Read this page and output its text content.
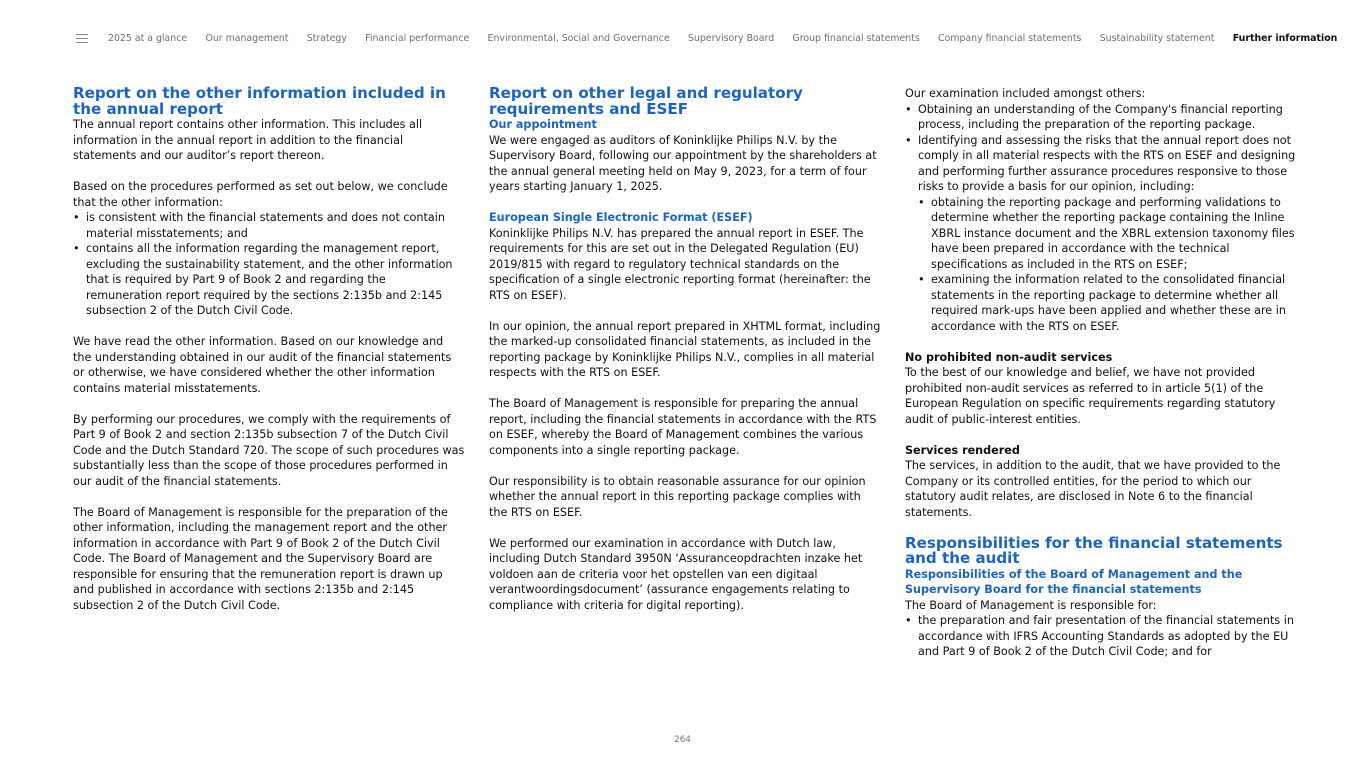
2025 at a glance Our management Strategy Financial performance Environmental, Social and Governance Supervisory Board Group financial statements Company financial statements Sustainability statement Further information
Report on the other information included in the annual report

The annual report contains other information. This includes all information in the annual report in addition to the financial statements and our auditor’s report thereon.

Based on the procedures performed as set out below, we conclude that the other information:

• is consistent with the financial statements and does not contain material misstatements; and
• contains all the information regarding the management report, excluding the sustainability statement, and the other information that is required by Part 9 of Book 2 and regarding the remuneration report required by the sections 2:135b and 2:145 subsection 2 of the Dutch Civil Code.

We have read the other information. Based on our knowledge and the understanding obtained in our audit of the financial statements or otherwise, we have considered whether the other information contains material misstatements.

By performing our procedures, we comply with the requirements of Part 9 of Book 2 and section 2:135b subsection 7 of the Dutch Civil Code and the Dutch Standard 720. The scope of such procedures was substantially less than the scope of those procedures performed in our audit of the financial statements.

The Board of Management is responsible for the preparation of the other information, including the management report and the other information in accordance with Part 9 of Book 2 of the Dutch Civil Code. The Board of Management and the Supervisory Board are responsible for ensuring that the remuneration report is drawn up and published in accordance with sections 2:135b and 2:145 subsection 2 of the Dutch Civil Code.

Report on other legal and regulatory requirements and ESEF
Our appointment

We were engaged as auditors of Koninklijke Philips N.V. by the Supervisory Board, following our appointment by the shareholders at the annual general meeting held on May 9, 2023, for a term of four years starting January 1, 2025.

European Single Electronic Format (ESEF)

Koninklijke Philips N.V. has prepared the annual report in ESEF. The requirements for this are set out in the Delegated Regulation (EU) 2019/815 with regard to regulatory technical standards on the specification of a single electronic reporting format (hereinafter: the RTS on ESEF).

In our opinion, the annual report prepared in XHTML format, including the marked-up consolidated financial statements, as included in the reporting package by Koninklijke Philips N.V., complies in all material respects with the RTS on ESEF.

The Board of Management is responsible for preparing the annual report, including the financial statements in accordance with the RTS on ESEF, whereby the Board of Management combines the various components into a single reporting package.

Our responsibility is to obtain reasonable assurance for our opinion whether the annual report in this reporting package complies with the RTS on ESEF.

We performed our examination in accordance with Dutch law, including Dutch Standard 3950N ‘Assuranceopdrachten inzake het voldoen aan de criteria voor het opstellen van een digitaal verantwoordingsdocument’ (assurance engagements relating to compliance with criteria for digital reporting).

Our examination included amongst others:

• Obtaining an understanding of the Company's financial reporting process, including the preparation of the reporting package.
• Identifying and assessing the risks that the annual report does not comply in all material respects with the RTS on ESEF and designing and performing further assurance procedures responsive to those risks to provide a basis for our opinion, including:
• obtaining the reporting package and performing validations to determine whether the reporting package containing the Inline XBRL instance document and the XBRL extension taxonomy files have been prepared in accordance with the technical specifications as included in the RTS on ESEF;
• examining the information related to the consolidated financial statements in the reporting package to determine whether all required mark-ups have been applied and whether these are in accordance with the RTS on ESEF.
No prohibited non-audit services

To the best of our knowledge and belief, we have not provided prohibited non-audit services as referred to in article 5(1) of the European Regulation on specific requirements regarding statutory audit of public-interest entities.

Services rendered

The services, in addition to the audit, that we have provided to the Company or its controlled entities, for the period to which our statutory audit relates, are disclosed in Note 6 to the financial statements.

Responsibilities for the financial statements and the audit
Responsibilities of the Board of Management and the Supervisory Board for the financial statements

The Board of Management is responsible for:

• the preparation and fair presentation of the financial statements in accordance with IFRS Accounting Standards as adopted by the EU and Part 9 of Book 2 of the Dutch Civil Code; and for
264
